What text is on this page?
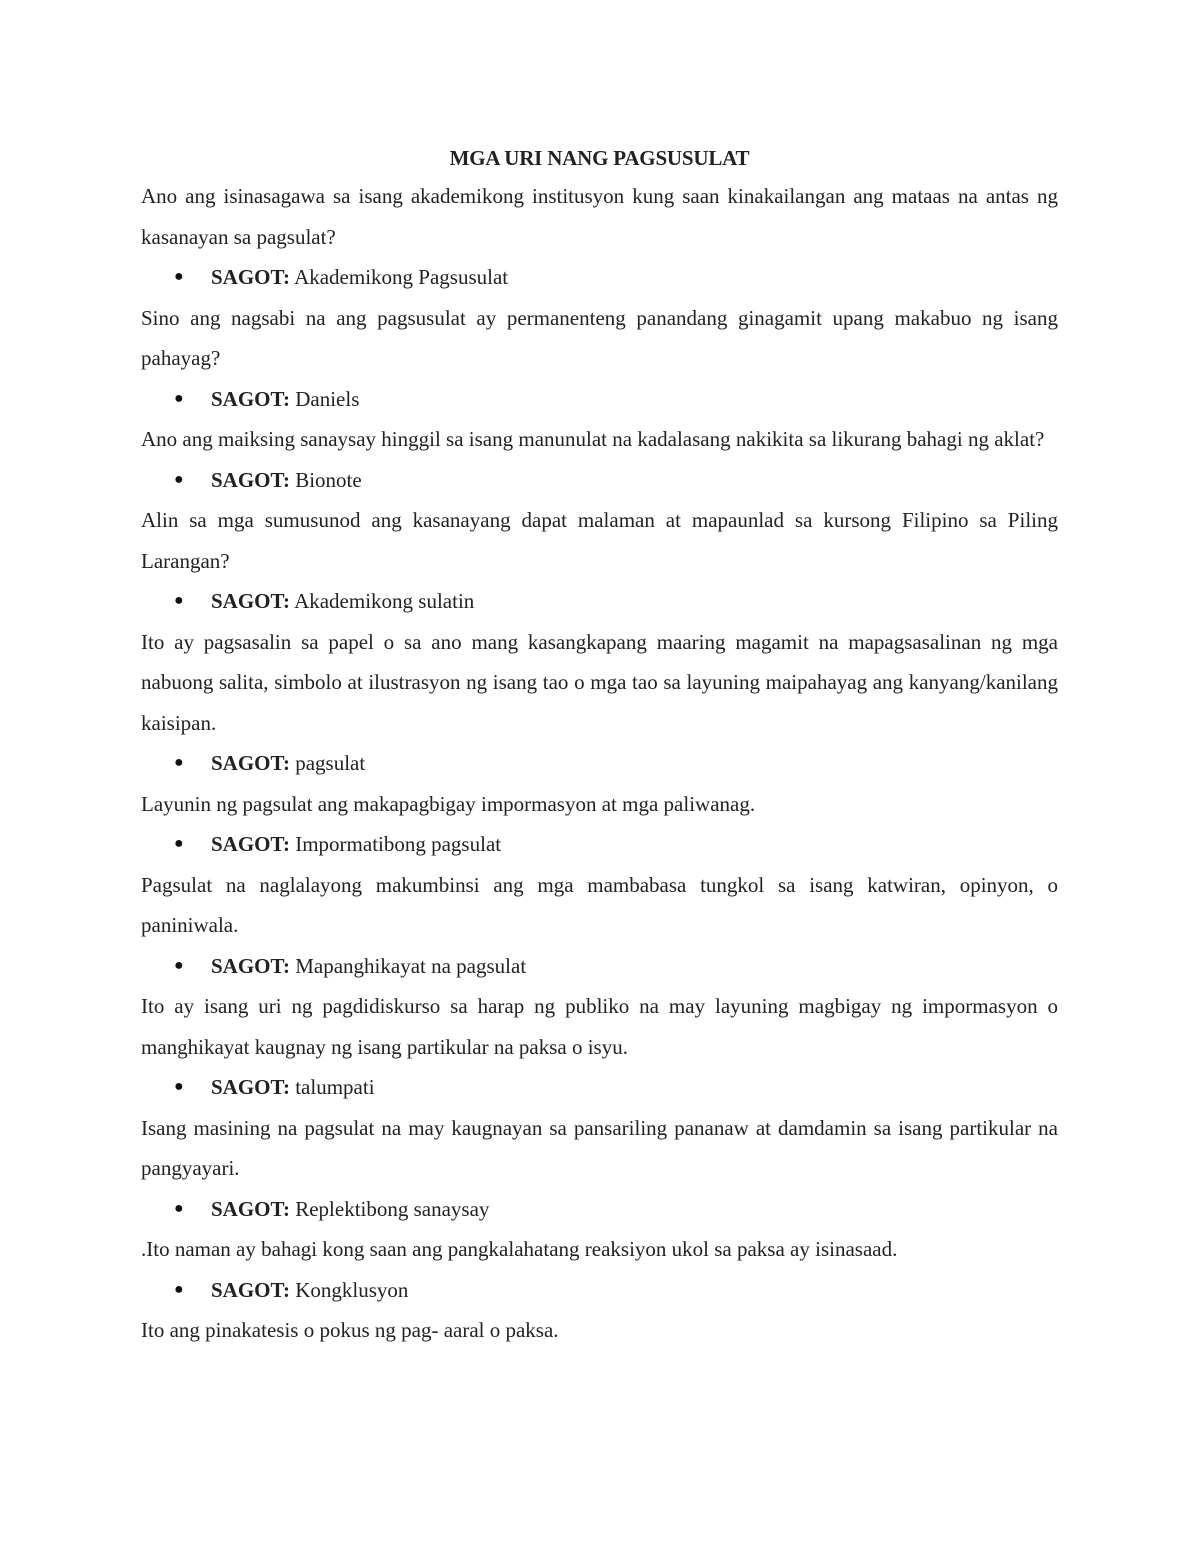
MGA URI NANG PAGSUSULAT

Ano ang isinasagawa sa isang akademikong institusyon kung saan kinakailangan ang mataas na antas ng kasanayan sa pagsulat?

● SAGOT: Akademikong Pagsusulat

Sino ang nagsabi na ang pagsusulat ay permanenteng panandang ginagamit upang makabuo ng isang pahayag?

● SAGOT: Daniels

Ano ang maiksing sanaysay hinggil sa isang manunulat na kadalasang nakikita sa likurang bahagi ng aklat?

● SAGOT: Bionote

Alin sa mga sumusunod ang kasanayang dapat malaman at mapaunlad sa kursong Filipino sa Piling Larangan?

● SAGOT: Akademikong sulatin

Ito ay pagsasalin sa papel o sa ano mang kasangkapang maaring magamit na mapagsasalinan ng mga nabuong salita, simbolo at ilustrasyon ng isang tao o mga tao sa layuning maipahayag ang kanyang/kanilang kaisipan.

● SAGOT: pagsulat

Layunin ng pagsulat ang makapagbigay impormasyon at mga paliwanag.

● SAGOT: Impormatibong pagsulat

Pagsulat na naglalayong makumbinsi ang mga mambabasa tungkol sa isang katwiran, opinyon, o paniniwala.

● SAGOT: Mapanghikayat na pagsulat

Ito ay isang uri ng pagdidiskurso sa harap ng publiko na may layuning magbigay ng impormasyon o manghikayat kaugnay ng isang partikular na paksa o isyu.

● SAGOT: talumpati

Isang masining na pagsulat na may kaugnayan sa pansariling pananaw at damdamin sa isang partikular na pangyayari.

● SAGOT: Replektibong sanaysay

.Ito naman ay bahagi kong saan ang pangkalahatang reaksiyon ukol sa paksa ay isinasaad.

● SAGOT: Kongklusyon

Ito ang pinakatesis o pokus ng pag- aaral o paksa.
